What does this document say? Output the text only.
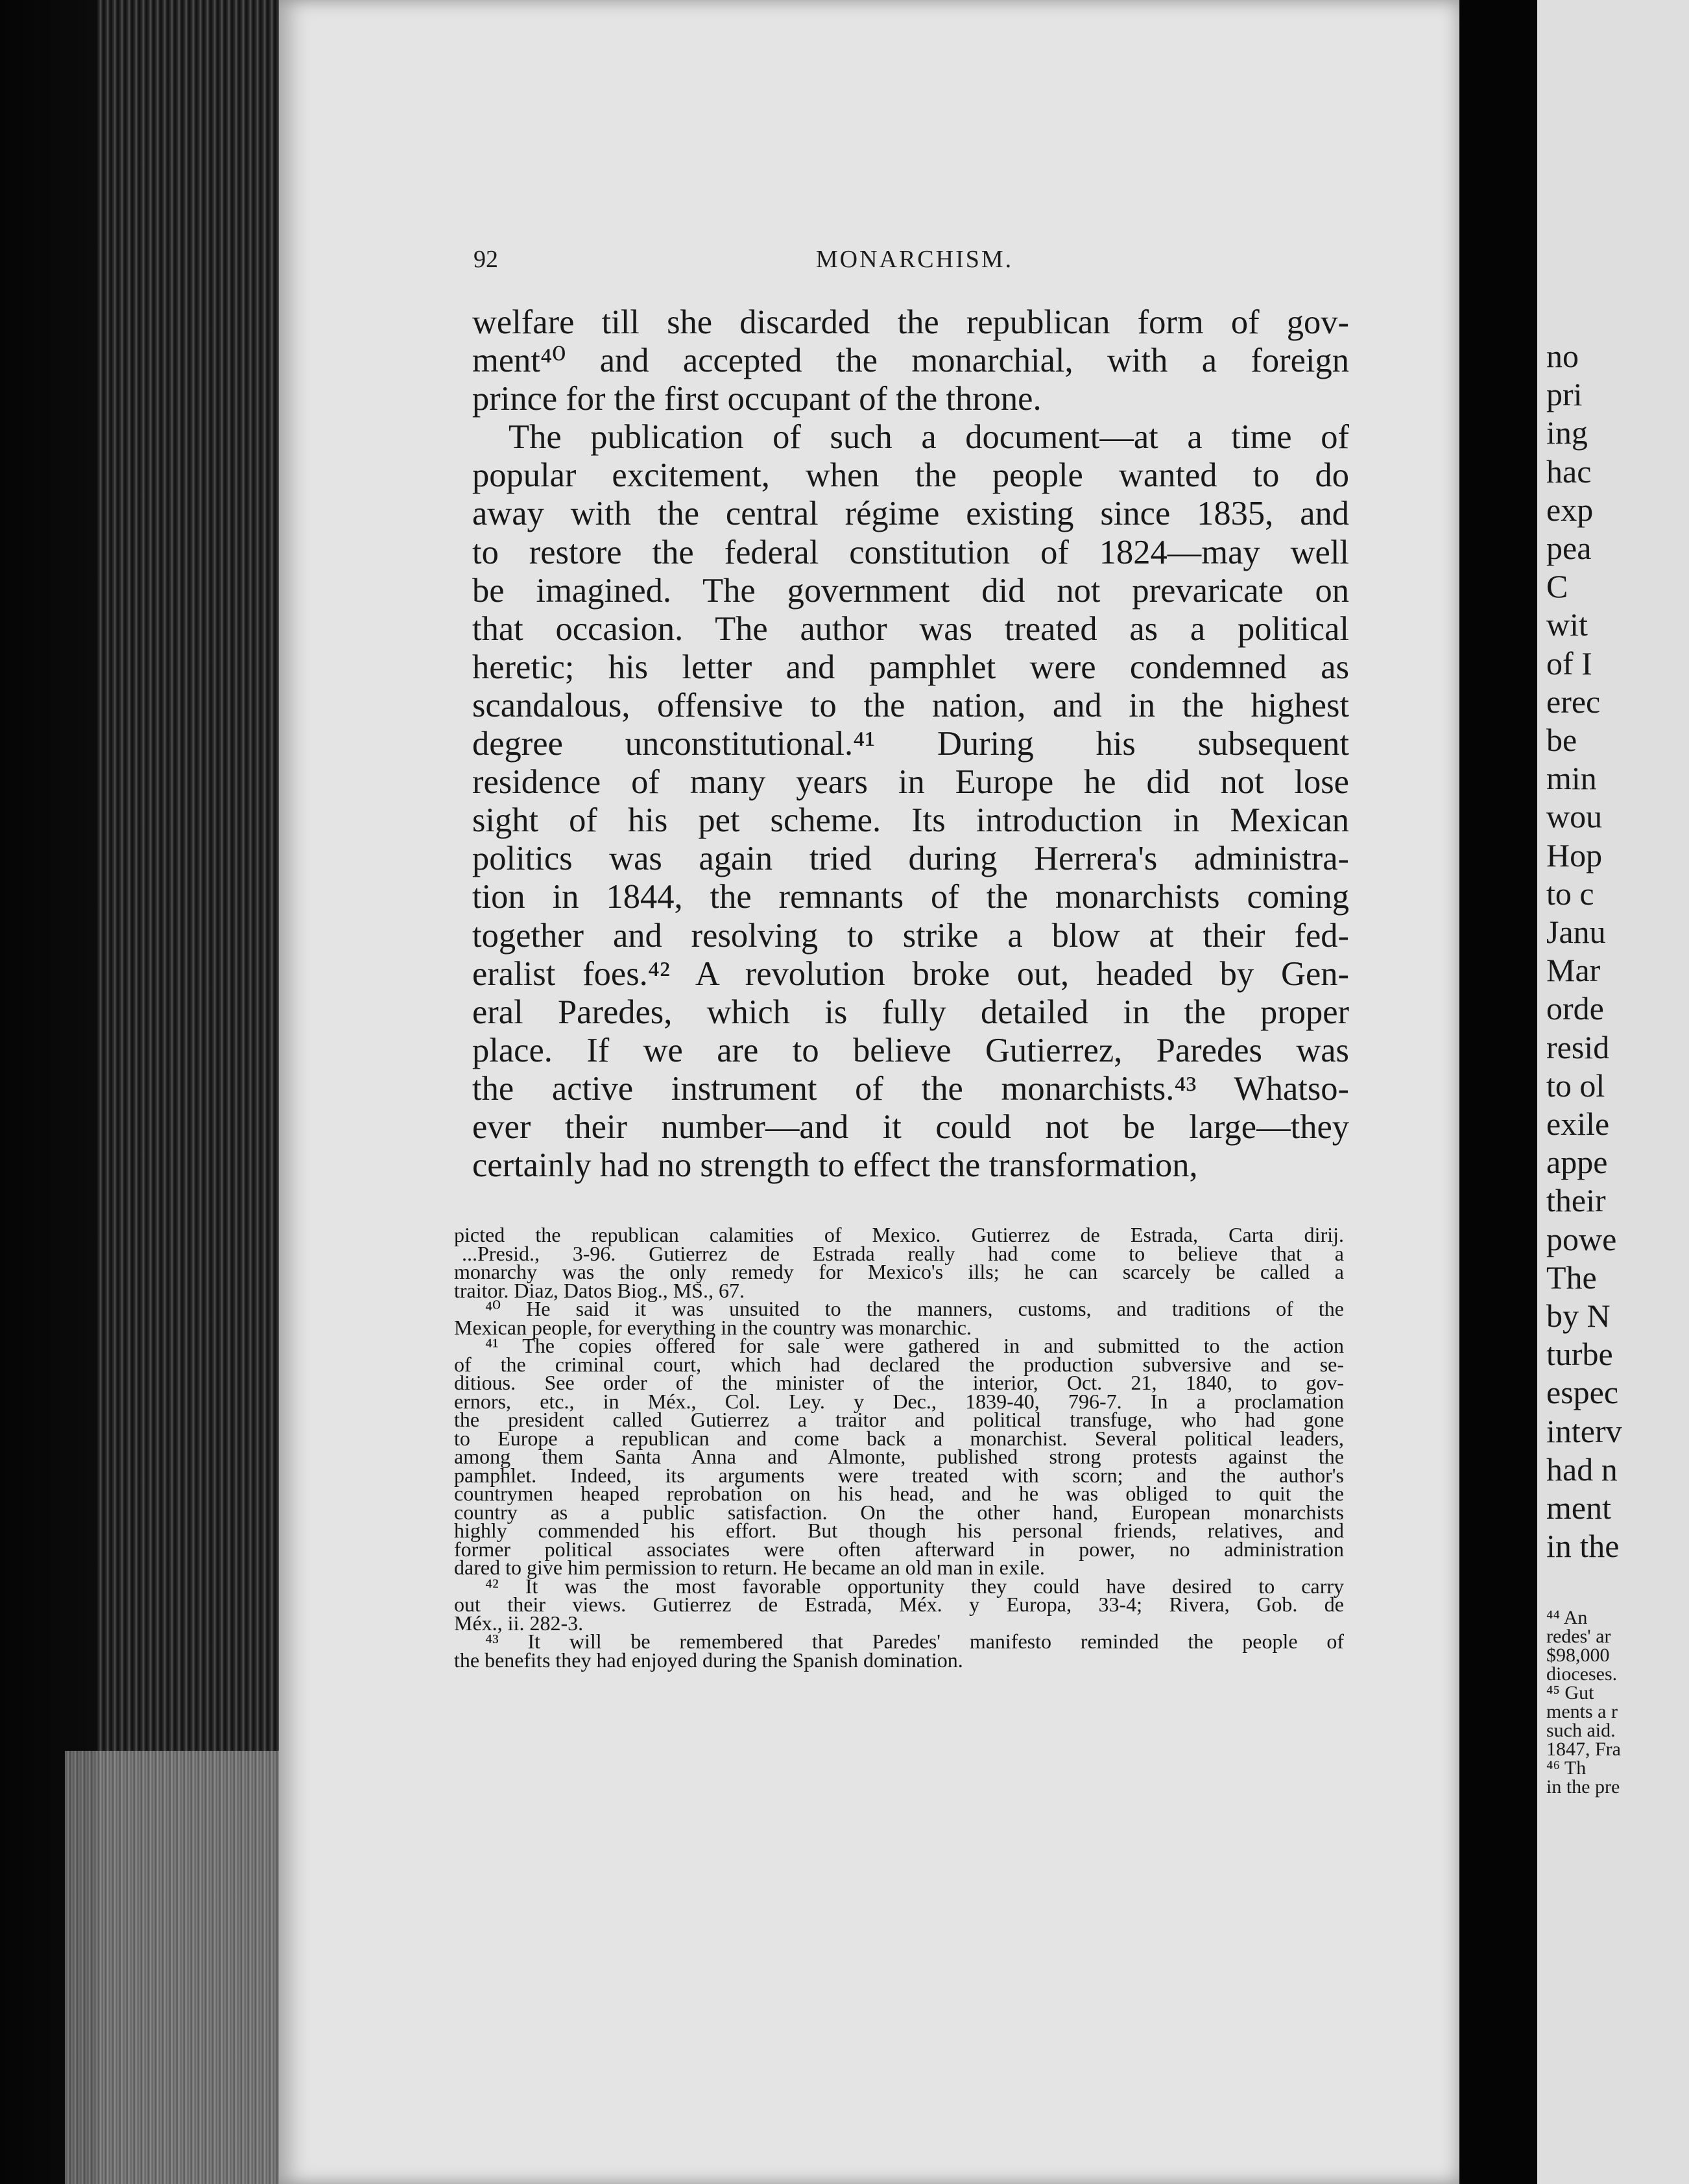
92	MONARCHISM.
welfare till she discarded the republican form of gov-
ment⁴⁰ and accepted the monarchial, with a foreign
prince for the first occupant of the throne.
The publication of such a document—at a time of
popular excitement, when the people wanted to do
away with the central régime existing since 1835, and
to restore the federal constitution of 1824—may well
be imagined. The government did not prevaricate on
that occasion. The author was treated as a political
heretic; his letter and pamphlet were condemned as
scandalous, offensive to the nation, and in the highest
degree unconstitutional.⁴¹ During his subsequent
residence of many years in Europe he did not lose
sight of his pet scheme. Its introduction in Mexican
politics was again tried during Herrera's administra-
tion in 1844, the remnants of the monarchists coming
together and resolving to strike a blow at their fed-
eralist foes.⁴² A revolution broke out, headed by Gen-
eral Paredes, which is fully detailed in the proper
place. If we are to believe Gutierrez, Paredes was
the active instrument of the monarchists.⁴³ Whatso-
ever their number—and it could not be large—they
certainly had no strength to effect the transformation,
picted the republican calamities of Mexico. Gutierrez de Estrada, Carta dirij.
...Presid., 3-96. Gutierrez de Estrada really had come to believe that a
monarchy was the only remedy for Mexico's ills; he can scarcely be called a
traitor. Diaz, Datos Biog., MS., 67.
⁴⁰ He said it was unsuited to the manners, customs, and traditions of the
Mexican people, for everything in the country was monarchic.
⁴¹ The copies offered for sale were gathered in and submitted to the action
of the criminal court, which had declared the production subversive and se-
ditious. See order of the minister of the interior, Oct. 21, 1840, to gov-
ernors, etc., in Méx., Col. Ley. y Dec., 1839-40, 796-7. In a proclamation
the president called Gutierrez a traitor and political transfuge, who had gone
to Europe a republican and come back a monarchist. Several political leaders,
among them Santa Anna and Almonte, published strong protests against the
pamphlet. Indeed, its arguments were treated with scorn; and the author's
countrymen heaped reprobation on his head, and he was obliged to quit the
country as a public satisfaction. On the other hand, European monarchists
highly commended his effort. But though his personal friends, relatives, and
former political associates were often afterward in power, no administration
dared to give him permission to return. He became an old man in exile.
⁴² It was the most favorable opportunity they could have desired to carry
out their views. Gutierrez de Estrada, Méx. y Europa, 33-4; Rivera, Gob. de
Méx., ii. 282-3.
⁴³ It will be remembered that Paredes' manifesto reminded the people of
the benefits they had enjoyed during the Spanish domination.
no
pri
ing
hac
exp
pea
C
wit
of I
erec
be
min
wou
Hop
to c
Janu
Mar
orde
resid
to ol
exile
appe
their
powe
The
by N
turbe
espec
interv
had n
ment
in the
⁴⁴ An
redes' ar
$98,000
dioceses.
⁴⁵ Gut
ments a r
such aid.
1847, Fra
⁴⁶ Th
in the pre
